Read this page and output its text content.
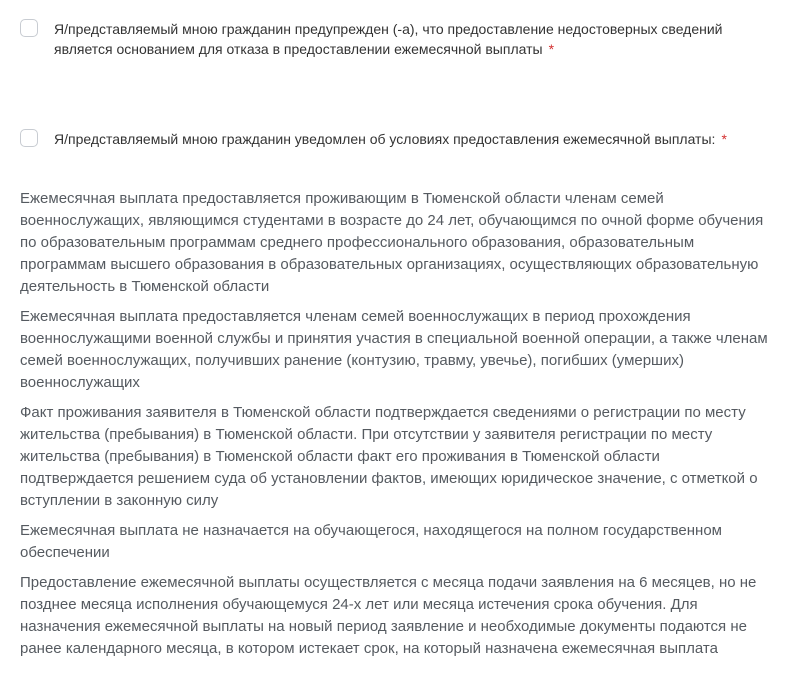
Я/представляемый мною гражданин предупрежден (-а), что предоставление недостоверных сведений является основанием для отказа в предоставлении ежемесячной выплаты *
Я/представляемый мною гражданин уведомлен об условиях предоставления ежемесячной выплаты: *

Ежемесячная выплата предоставляется проживающим в Тюменской области членам семей военнослужащих, являющимся студентами в возрасте до 24 лет, обучающимся по очной форме обучения по образовательным программам среднего профессионального образования, образовательным программам высшего образования в образовательных организациях, осуществляющих образовательную деятельность в Тюменской области

Ежемесячная выплата предоставляется членам семей военнослужащих в период прохождения военнослужащими военной службы и принятия участия в специальной военной операции, а также членам семей военнослужащих, получивших ранение (контузию, травму, увечье), погибших (умерших) военнослужащих

Факт проживания заявителя в Тюменской области подтверждается сведениями о регистрации по месту жительства (пребывания) в Тюменской области. При отсутствии у заявителя регистрации по месту жительства (пребывания) в Тюменской области факт его проживания в Тюменской области подтверждается решением суда об установлении фактов, имеющих юридическое значение, с отметкой о вступлении в законную силу

Ежемесячная выплата не назначается на обучающегося, находящегося на полном государственном обеспечении

Предоставление ежемесячной выплаты осуществляется с месяца подачи заявления на 6 месяцев, но не позднее месяца исполнения обучающемуся 24-х лет или месяца истечения срока обучения. Для назначения ежемесячной выплаты на новый период заявление и необходимые документы подаются не ранее календарного месяца, в котором истекает срок, на который назначена ежемесячная выплата
